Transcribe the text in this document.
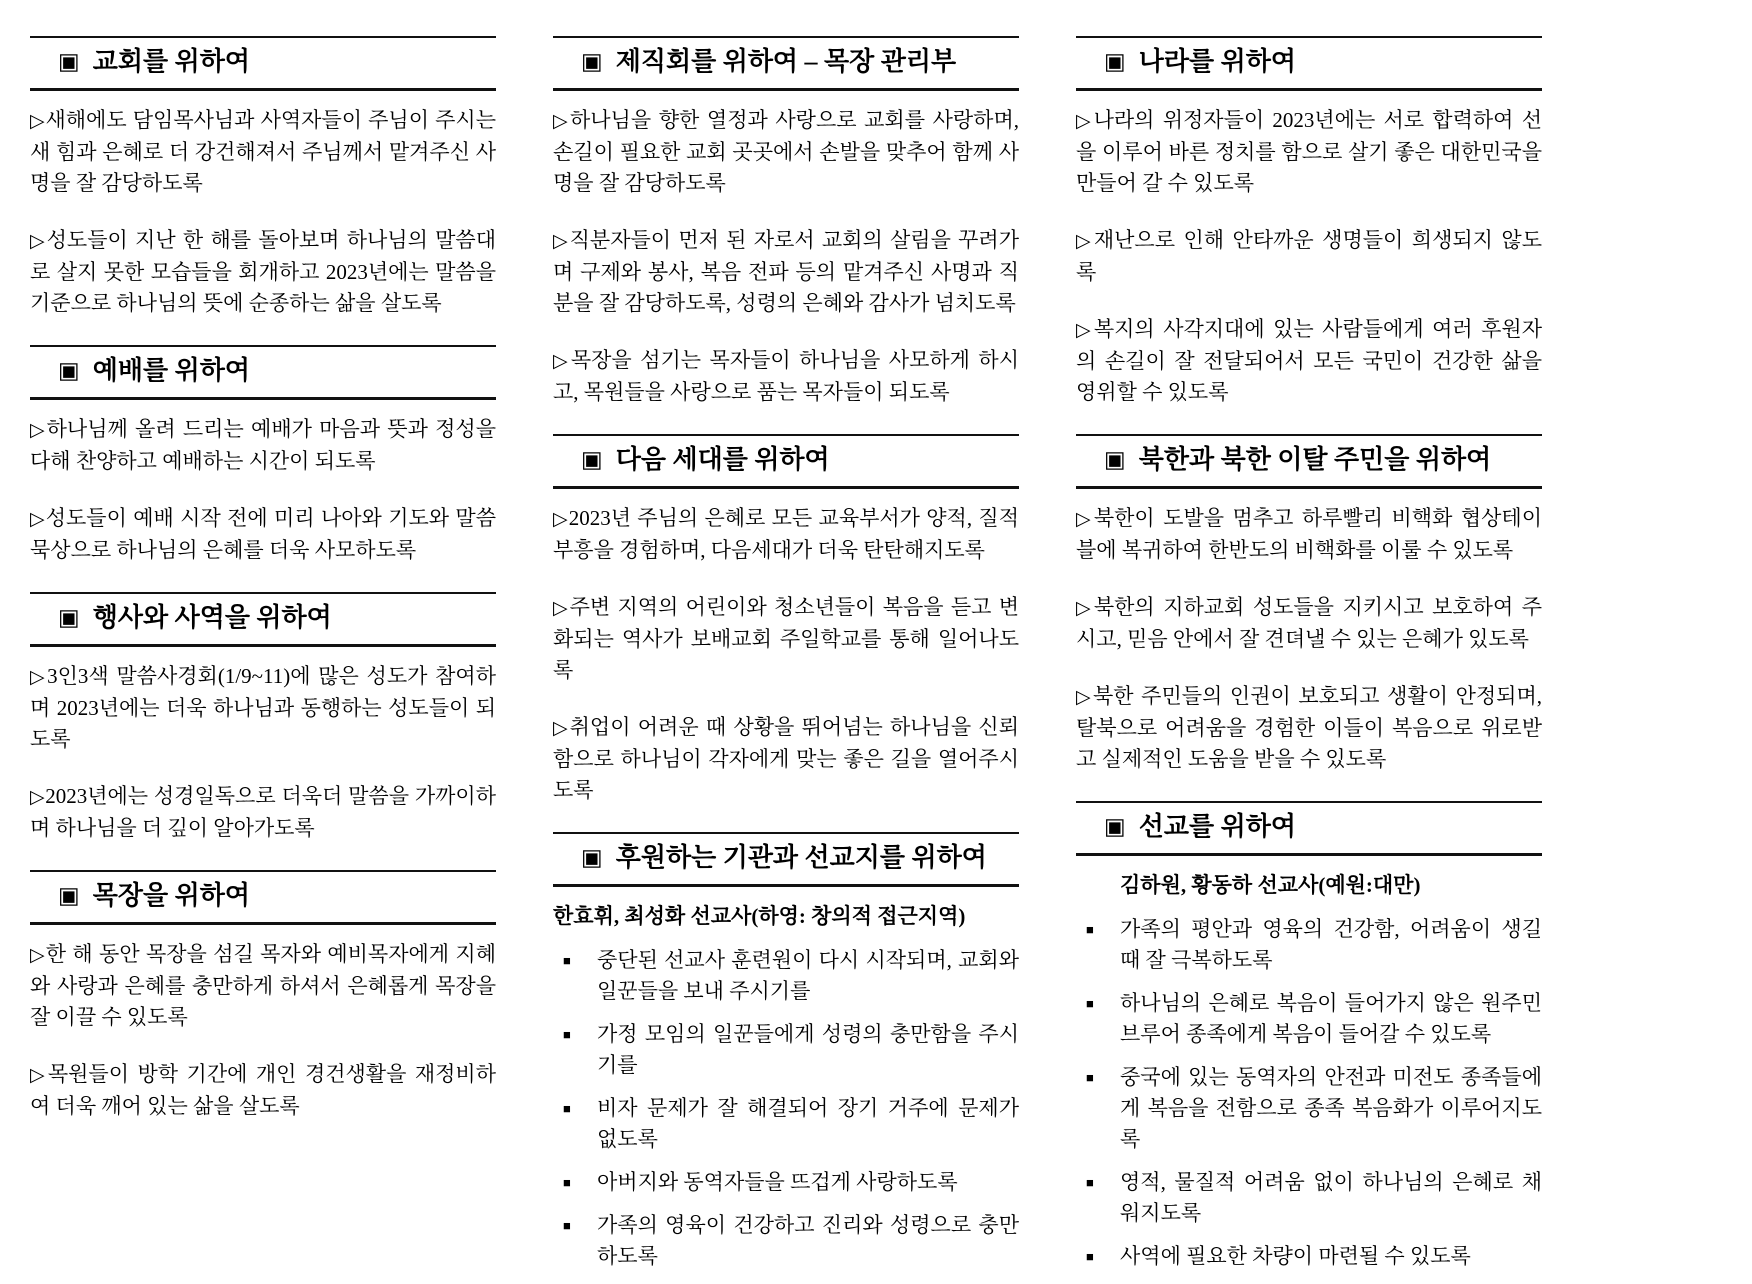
▣ 교회를 위하여
▷새해에도 담임목사님과 사역자들이 주님이 주시는 새 힘과 은혜로 더 강건해져서 주님께서 맡겨주신 사명을 잘 감당하도록
▷성도들이 지난 한 해를 돌아보며 하나님의 말씀대로 살지 못한 모습들을 회개하고 2023년에는 말씀을 기준으로 하나님의 뜻에 순종하는 삶을 살도록
▣ 예배를 위하여
▷하나님께 올려 드리는 예배가 마음과 뜻과 정성을 다해 찬양하고 예배하는 시간이 되도록
▷성도들이 예배 시작 전에 미리 나아와 기도와 말씀 묵상으로 하나님의 은혜를 더욱 사모하도록
▣ 행사와 사역을 위하여
▷3인3색 말씀사경회(1/9~11)에 많은 성도가 참여하며 2023년에는 더욱 하나님과 동행하는 성도들이 되도록
▷2023년에는 성경일독으로 더욱더 말씀을 가까이하며 하나님을 더 깊이 알아가도록
▣ 목장을 위하여
▷한 해 동안 목장을 섬길 목자와 예비목자에게 지혜와 사랑과 은혜를 충만하게 하셔서 은혜롭게 목장을 잘 이끌 수 있도록
▷목원들이 방학 기간에 개인 경건생활을 재정비하여 더욱 깨어 있는 삶을 살도록
▣ 제직회를 위하여 – 목장 관리부
▷하나님을 향한 열정과 사랑으로 교회를 사랑하며, 손길이 필요한 교회 곳곳에서 손발을 맞추어 함께 사명을 잘 감당하도록
▷직분자들이 먼저 된 자로서 교회의 살림을 꾸려가며 구제와 봉사, 복음 전파 등의 맡겨주신 사명과 직분을 잘 감당하도록, 성령의 은혜와 감사가 넘치도록
▷목장을 섬기는 목자들이 하나님을 사모하게 하시고, 목원들을 사랑으로 품는 목자들이 되도록
▣ 다음 세대를 위하여
▷2023년 주님의 은혜로 모든 교육부서가 양적, 질적 부흥을 경험하며, 다음세대가 더욱 탄탄해지도록
▷주변 지역의 어린이와 청소년들이 복음을 듣고 변화되는 역사가 보배교회 주일학교를 통해 일어나도록
▷취업이 어려운 때 상황을 뛰어넘는 하나님을 신뢰함으로 하나님이 각자에게 맞는 좋은 길을 열어주시도록
▣ 후원하는 기관과 선교지를 위하여
한효휘, 최성화 선교사(하영: 창의적 접근지역)
■ 중단된 선교사 훈련원이 다시 시작되며, 교회와 일꾼들을 보내 주시기를
■ 가정 모임의 일꾼들에게 성령의 충만함을 주시기를
■ 비자 문제가 잘 해결되어 장기 거주에 문제가 없도록
■ 아버지와 동역자들을 뜨겁게 사랑하도록
■ 가족의 영육이 건강하고 진리와 성령으로 충만하도록
▣ 나라를 위하여
▷나라의 위정자들이 2023년에는 서로 합력하여 선을 이루어 바른 정치를 함으로 살기 좋은 대한민국을 만들어 갈 수 있도록
▷재난으로 인해 안타까운 생명들이 희생되지 않도록
▷복지의 사각지대에 있는 사람들에게 여러 후원자의 손길이 잘 전달되어서 모든 국민이 건강한 삶을 영위할 수 있도록
▣ 북한과 북한 이탈 주민을 위하여
▷북한이 도발을 멈추고 하루빨리 비핵화 협상테이블에 복귀하여 한반도의 비핵화를 이룰 수 있도록
▷북한의 지하교회 성도들을 지키시고 보호하여 주시고, 믿음 안에서 잘 견뎌낼 수 있는 은혜가 있도록
▷북한 주민들의 인권이 보호되고 생활이 안정되며, 탈북으로 어려움을 경험한 이들이 복음으로 위로받고 실제적인 도움을 받을 수 있도록
▣ 선교를 위하여
김하원, 황동하 선교사(예원:대만)
■ 가족의 평안과 영육의 건강함, 어려움이 생길 때 잘 극복하도록
■ 하나님의 은혜로 복음이 들어가지 않은 원주민 브루어 종족에게 복음이 들어갈 수 있도록
■ 중국에 있는 동역자의 안전과 미전도 종족들에게 복음을 전함으로 종족 복음화가 이루어지도록
■ 영적, 물질적 어려움 없이 하나님의 은혜로 채워지도록
■ 사역에 필요한 차량이 마련될 수 있도록
